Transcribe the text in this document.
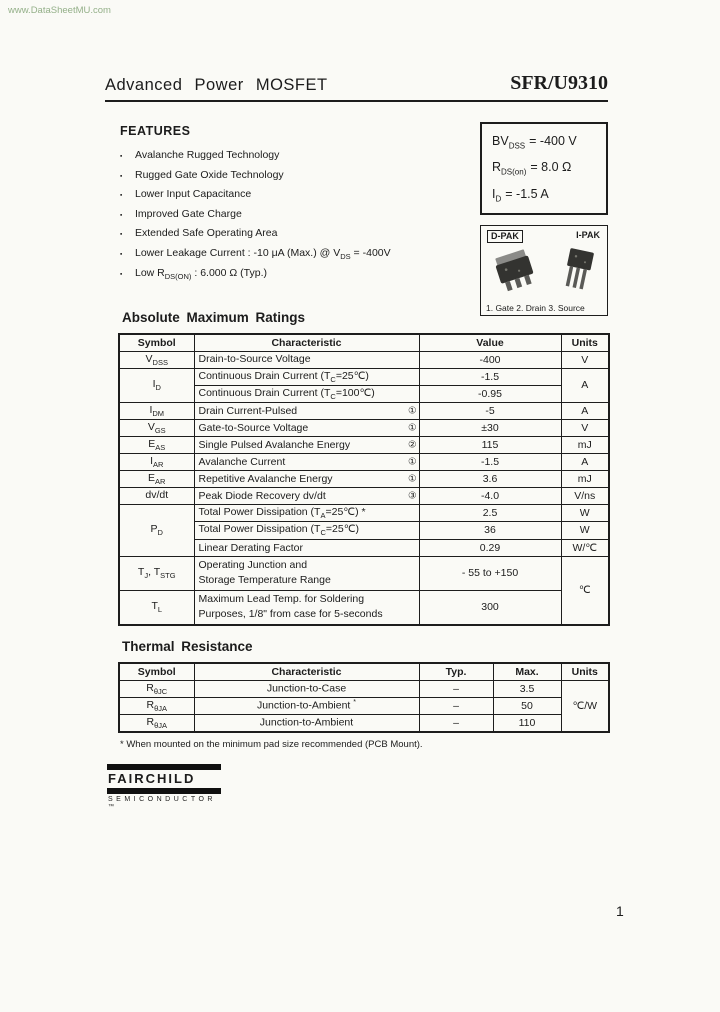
www.DataSheetMU.com
Advanced Power MOSFET	SFR/U9310
FEATURES
▪	Avalanche Rugged Technology
▪	Rugged Gate Oxide Technology
▪	Lower Input Capacitance
▪	Improved Gate Charge
▪	Extended Safe Operating Area
▪	Lower Leakage Current : -10 μA (Max.) @ $V_{DS} = -400V$
▪	Low $R_{DS(ON)}$ : 6.000 Ω (Typ.)
$BV_{DSS} = -400$ V
$R_{DS(on)} = 8.0$ Ω
$I_D = -1.5$ A
D-PAK	I-PAK
1. Gate 2. Drain 3. Source
Absolute Maximum Ratings
Symbol	Characteristic	Value	Units
$V_{DSS}$	Drain-to-Source Voltage	-400	V
$I_D$	Continuous Drain Current $(T_C=25℃)$	-1.5	A
	Continuous Drain Current $(T_C=100℃)$	-0.95	
$I_{DM}$	Drain Current-Pulsed ①	-5	A
$V_{GS}$	Gate-to-Source Voltage ①	±30	V
$E_{AS}$	Single Pulsed Avalanche Energy ②	115	mJ
$I_{AR}$	Avalanche Current ①	-1.5	A
$E_{AR}$	Repetitive Avalanche Energy ①	3.6	mJ
dv/dt	Peak Diode Recovery dv/dt ③	-4.0	V/ns
$P_D$	Total Power Dissipation $(T_A=25℃)$ *	2.5	W
	Total Power Dissipation $(T_C=25℃)$	36	W
	Linear Derating Factor	0.29	W/℃
$T_J$, $T_{STG}$	Operating Junction and
Storage Temperature Range	- 55 to +150	℃
$T_L$	Maximum Lead Temp. for Soldering
Purposes, 1/8" from case for 5-seconds	300	
Thermal Resistance
Symbol	Characteristic	Typ.	Max.	Units
$R_{\theta JC}$	Junction-to-Case	–	3.5	℃/W
$R_{\theta JA}$	Junction-to-Ambient *	–	50	
$R_{\theta JA}$	Junction-to-Ambient	–	110	
* When mounted on the minimum pad size recommended (PCB Mount).
FAIRCHILD
SEMICONDUCTOR ™
1
